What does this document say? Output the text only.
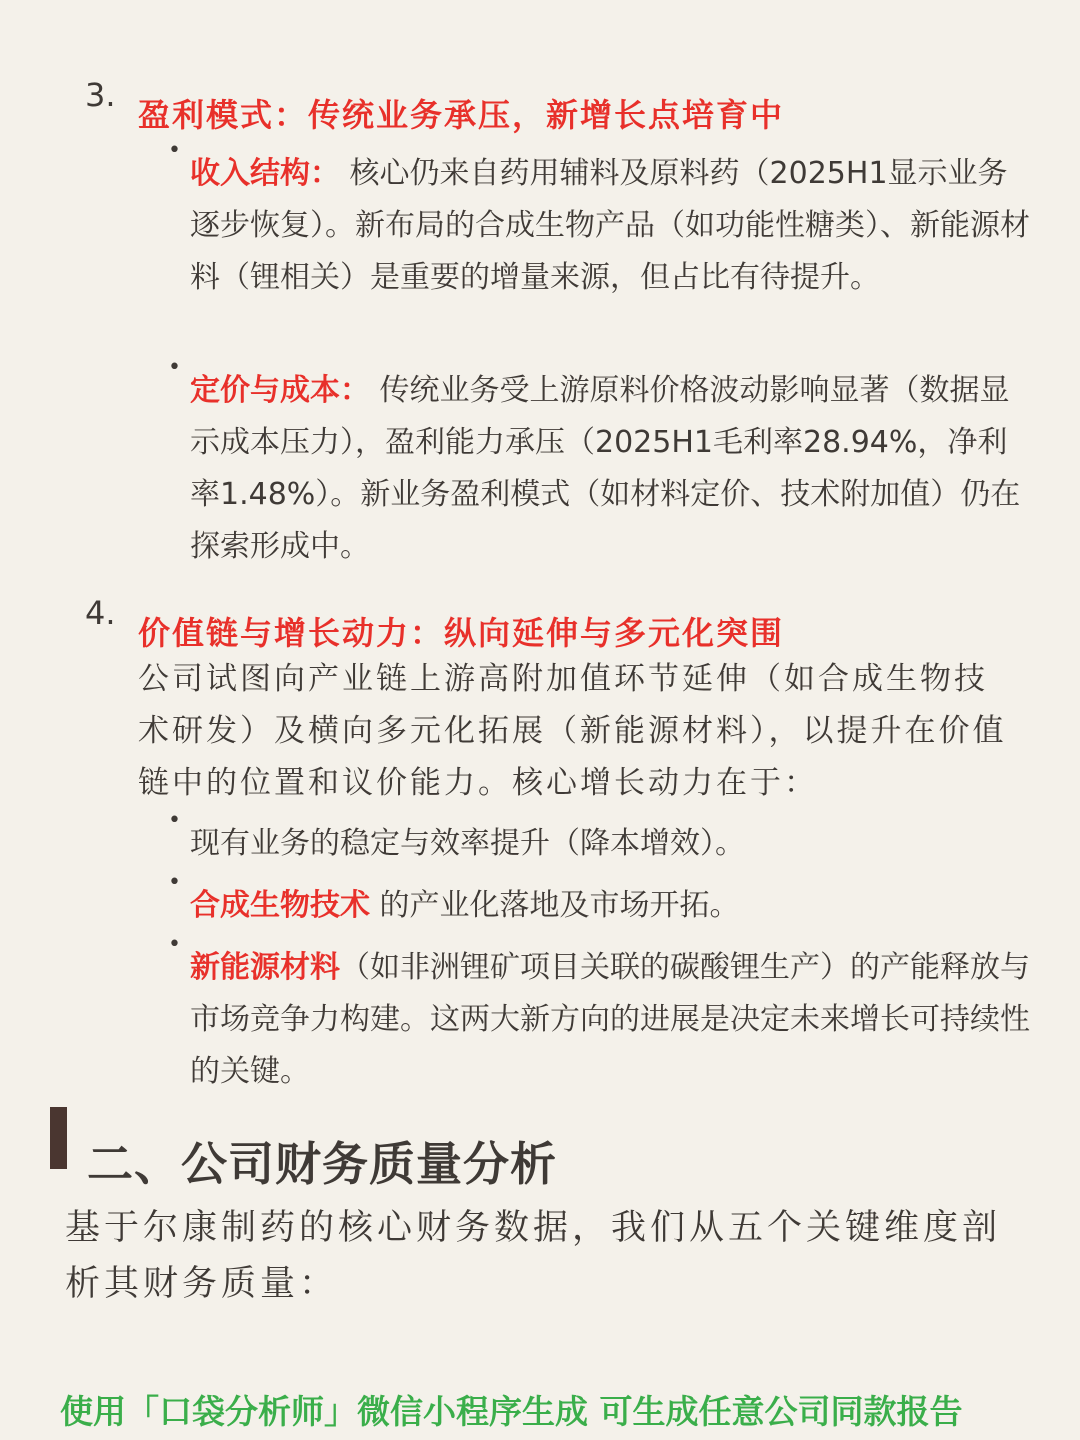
3.
盈利模式：传统业务承压，新增长点培育中
•
收入结构： 核心仍来自药用辅料及原料药（2025H1显示业务逐步恢复）。新布局的合成生物产品（如功能性糖类）、新能源材料（锂相关）是重要的增量来源，但占比有待提升。
•
定价与成本： 传统业务受上游原料价格波动影响显著（数据显示成本压力），盈利能力承压（2025H1毛利率28.94%，净利率1.48%）。新业务盈利模式（如材料定价、技术附加值）仍在探索形成中。
4.
价值链与增长动力：纵向延伸与多元化突围
公司试图向产业链上游高附加值环节延伸（如合成生物技术研发）及横向多元化拓展（新能源材料），以提升在价值链中的位置和议价能力。核心增长动力在于：
•
现有业务的稳定与效率提升（降本增效）。
•
合成生物技术 的产业化落地及市场开拓。
•
新能源材料（如非洲锂矿项目关联的碳酸锂生产）的产能释放与市场竞争力构建。这两大新方向的进展是决定未来增长可持续性的关键。
二、公司财务质量分析
基于尔康制药的核心财务数据，我们从五个关键维度剖析其财务质量：
使用「口袋分析师」微信小程序生成 可生成任意公司同款报告
